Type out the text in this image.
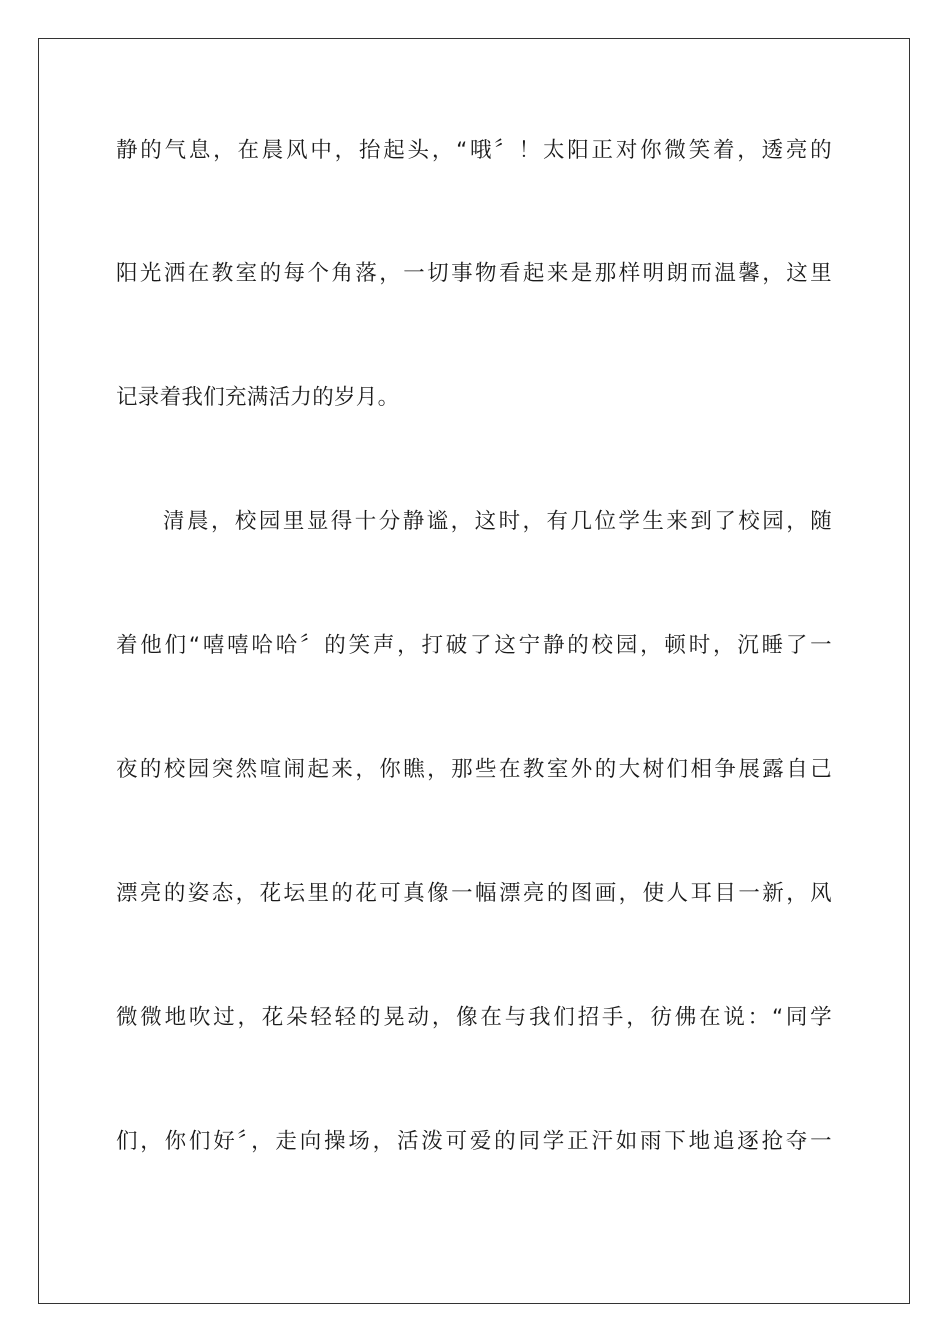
静的气息，在晨风中，抬起头，“哦〞！太阳正对你微笑着，透亮的
阳光洒在教室的每个角落，一切事物看起来是那样明朗而温馨，这里
记录着我们充满活力的岁月。
清晨，校园里显得十分静谧，这时，有几位学生来到了校园，随
着他们“嘻嘻哈哈〞的笑声，打破了这宁静的校园，顿时，沉睡了一
夜的校园突然喧闹起来，你瞧，那些在教室外的大树们相争展露自己
漂亮的姿态，花坛里的花可真像一幅漂亮的图画，使人耳目一新，风
微微地吹过，花朵轻轻的晃动，像在与我们招手，彷佛在说：“同学
们，你们好〞，走向操场，活泼可爱的同学正汗如雨下地追逐抢夺一
